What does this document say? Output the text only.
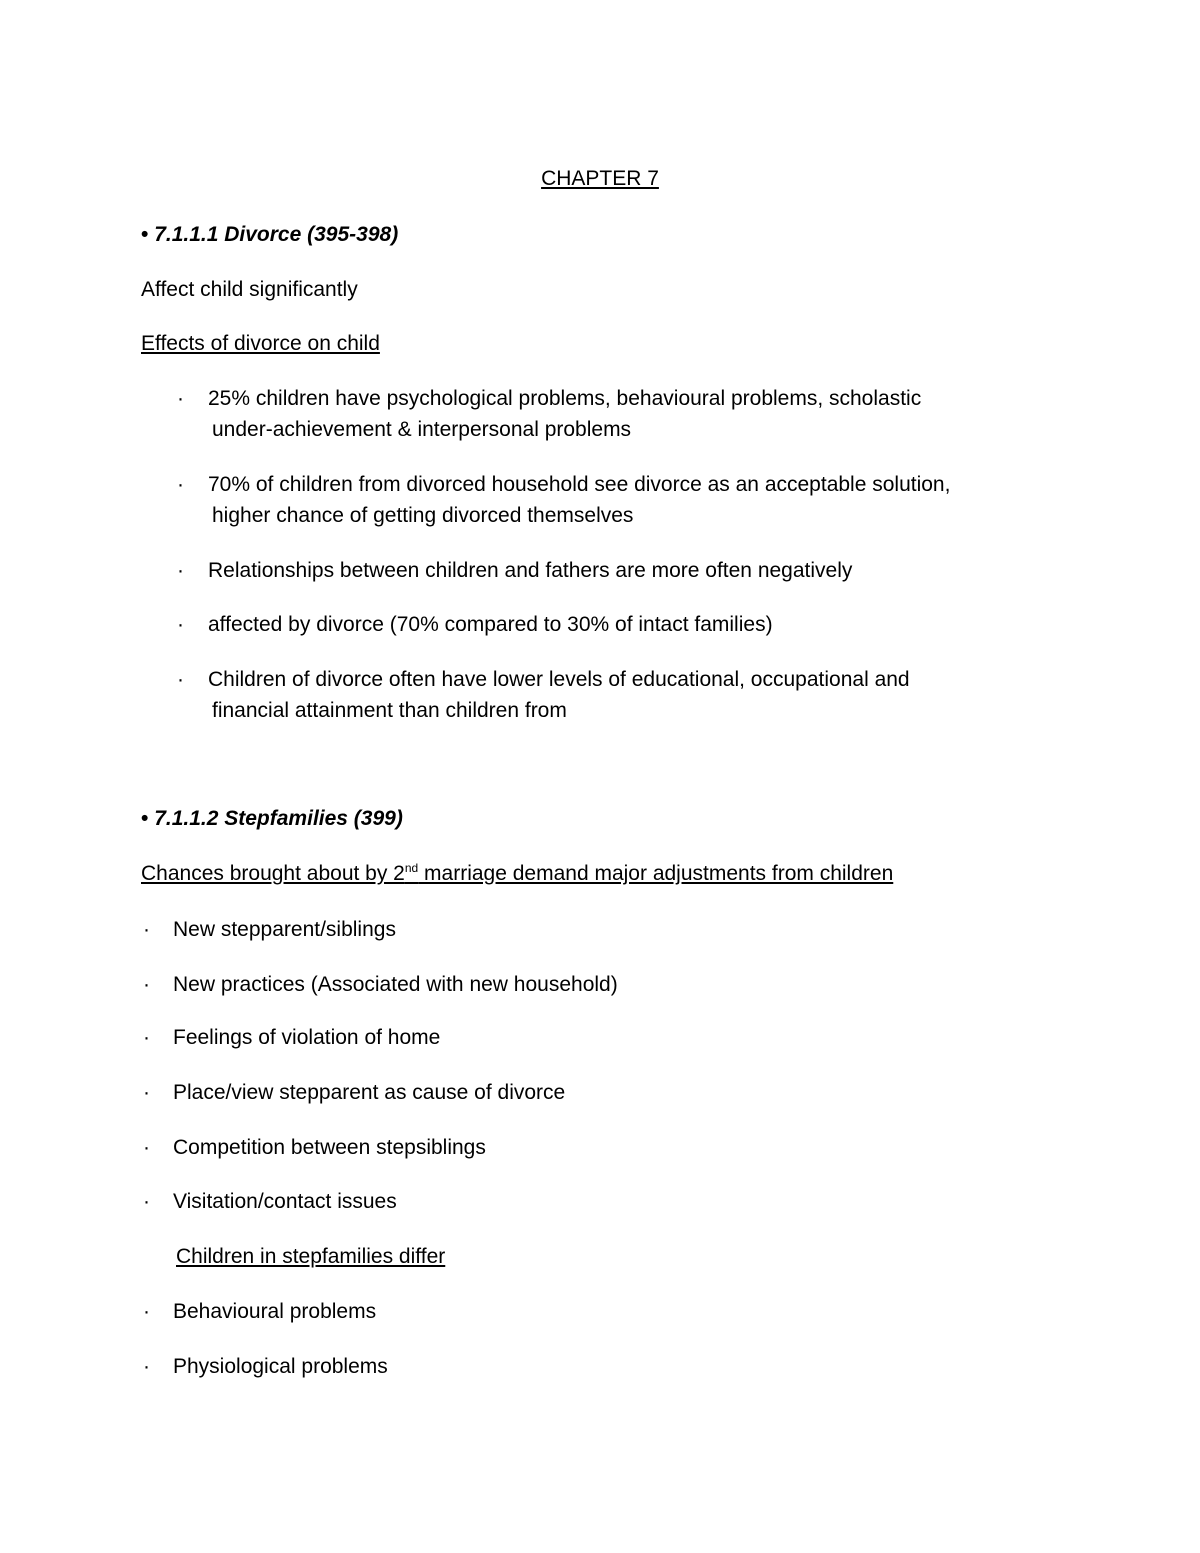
CHAPTER 7
• 7.1.1.1 Divorce (395-398)
Affect child significantly
Effects of divorce on child
· 25% children have psychological problems, behavioural problems, scholastic
under-achievement & interpersonal problems
· 70% of children from divorced household see divorce as an acceptable solution,
higher chance of getting divorced themselves
· Relationships between children and fathers are more often negatively
· affected by divorce (70% compared to 30% of intact families)
· Children of divorce often have lower levels of educational, occupational and
financial attainment than children from
• 7.1.1.2 Stepfamilies (399)
Chances brought about by 2nd marriage demand major adjustments from children
· New stepparent/siblings
· New practices (Associated with new household)
· Feelings of violation of home
· Place/view stepparent as cause of divorce
· Competition between stepsiblings
· Visitation/contact issues
Children in stepfamilies differ
· Behavioural problems
· Physiological problems
